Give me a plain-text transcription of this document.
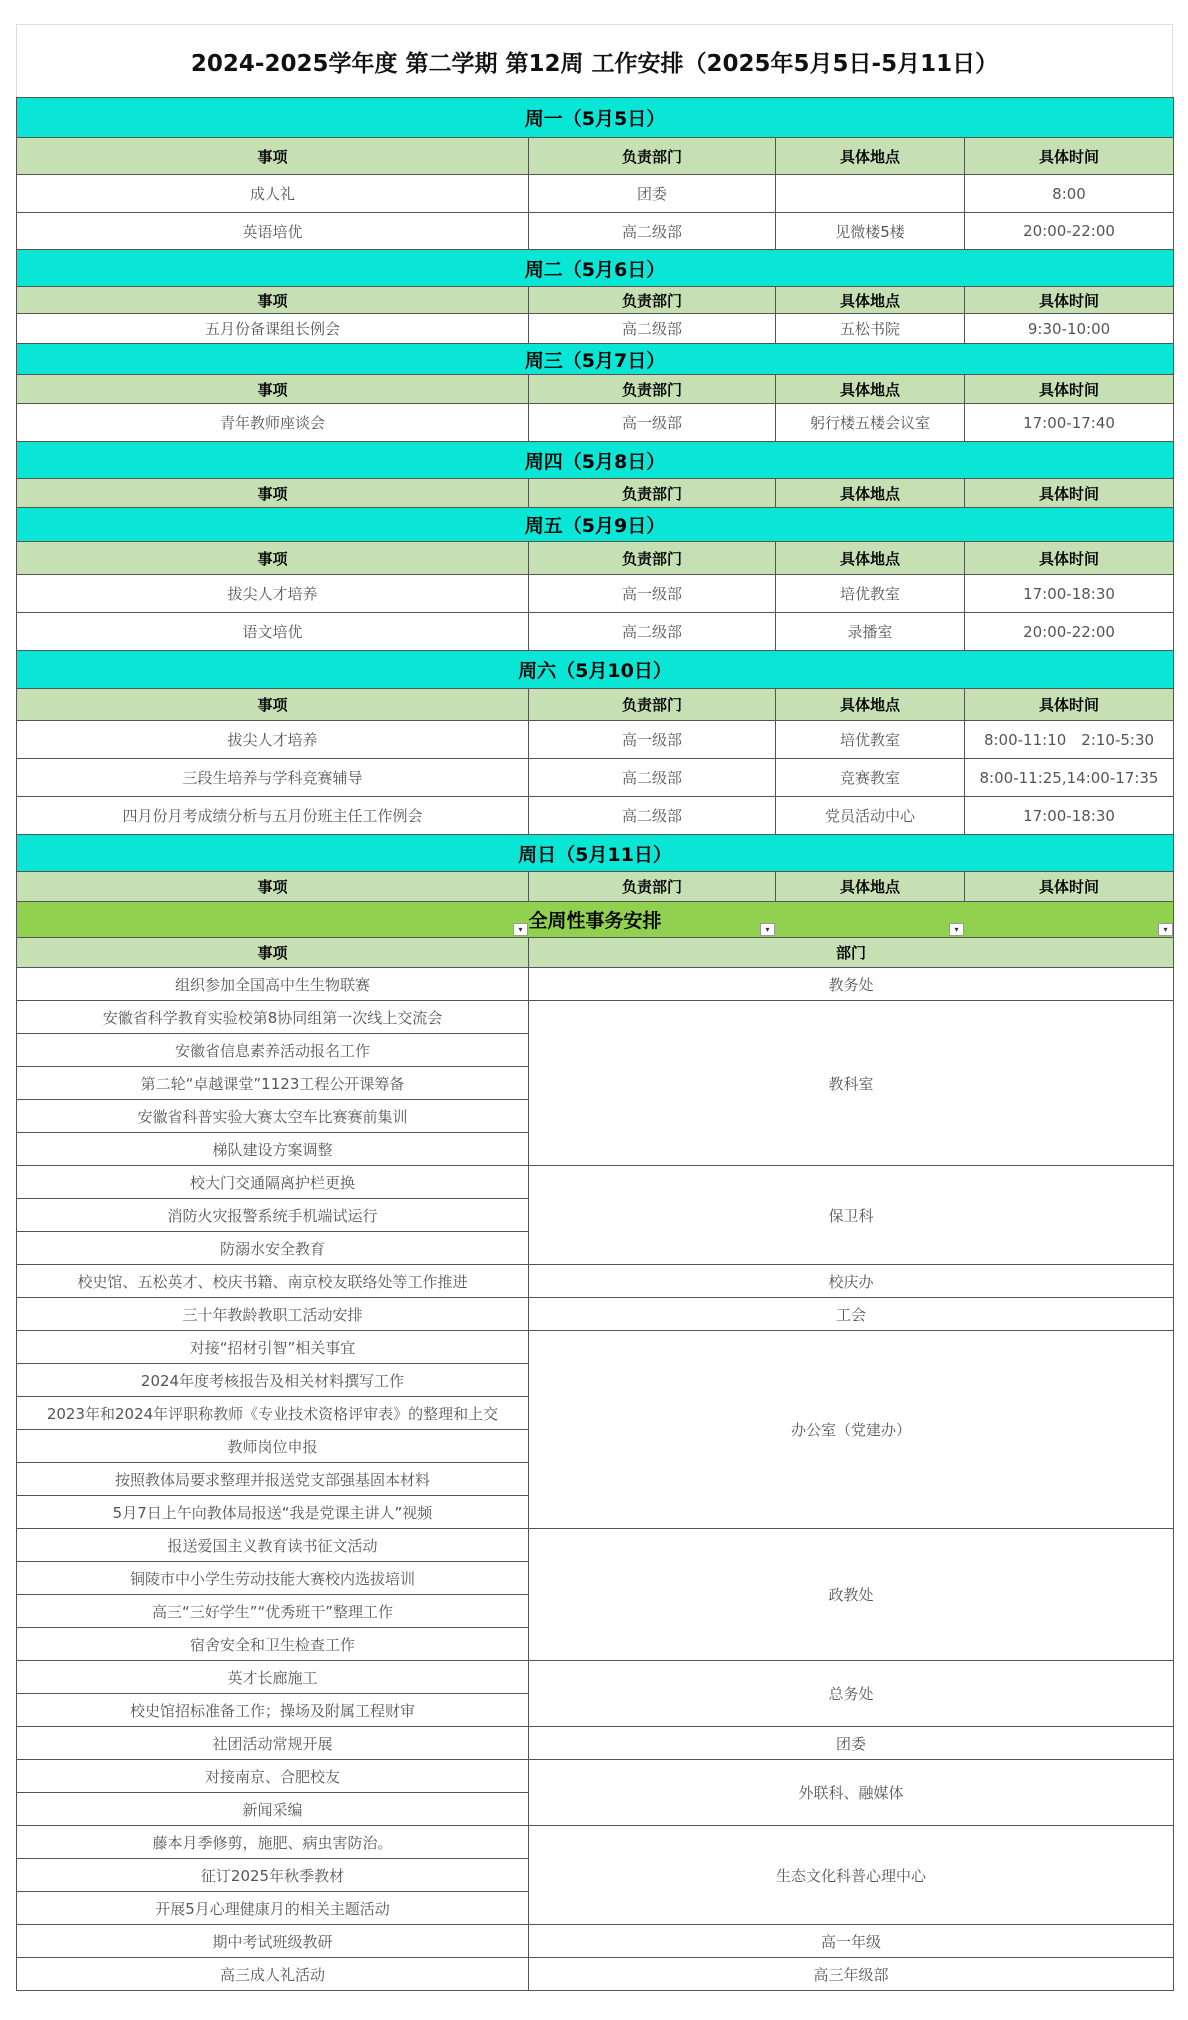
2024-2025学年度 第二学期 第12周 工作安排（2025年5月5日-5月11日）
周一（5月5日）			
事项	负责部门	具体地点	具体时间
成人礼	团委		8:00
英语培优	高二级部	见微楼5楼	20:00-22:00
周二（5月6日）			
事项	负责部门	具体地点	具体时间
五月份备课组长例会	高二级部	五松书院	9:30-10:00
周三（5月7日）			
事项	负责部门	具体地点	具体时间
青年教师座谈会	高一级部	躬行楼五楼会议室	17:00-17:40
周四（5月8日）			
事项	负责部门	具体地点	具体时间
周五（5月9日）			
事项	负责部门	具体地点	具体时间
拔尖人才培养	高一级部	培优教室	17:00-18:30
语文培优	高二级部	录播室	20:00-22:00
周六（5月10日）			
事项	负责部门	具体地点	具体时间
拔尖人才培养	高一级部	培优教室	8:00-11:10　2:10-5:30
三段生培养与学科竞赛辅导	高二级部	竞赛教室	8:00-11:25,14:00-17:35
四月份月考成绩分析与五月份班主任工作例会	高二级部	党员活动中心	17:00-18:30
周日（5月11日）			
事项	负责部门	具体地点	具体时间
全周性事务安排
▾ ▾ ▾ ▾			

事项	部门		
组织参加全国高中生生物联赛	教务处		
安徽省科学教育实验校第8协同组第一次线上交流会	教科室		
安徽省信息素养活动报名工作			
第二轮“卓越课堂”1123工程公开课筹备			
安徽省科普实验大赛太空车比赛赛前集训			
梯队建设方案调整			
校大门交通隔离护栏更换	保卫科		
消防火灾报警系统手机端试运行			
防溺水安全教育			
校史馆、五松英才、校庆书籍、南京校友联络处等工作推进	校庆办		
三十年教龄教职工活动安排	工会		
对接“招材引智”相关事宜	办公室（党建办）		
2024年度考核报告及相关材料撰写工作			
2023年和2024年评职称教师《专业技术资格评审表》的整理和上交			
教师岗位申报			
按照教体局要求整理并报送党支部强基固本材料			
5月7日上午向教体局报送“我是党课主讲人”视频			
报送爱国主义教育读书征文活动	政教处		
铜陵市中小学生劳动技能大赛校内选拔培训			
高三“三好学生”“优秀班干”整理工作			
宿舍安全和卫生检查工作			
英才长廊施工	总务处		
校史馆招标准备工作；操场及附属工程财审			
社团活动常规开展	团委		
对接南京、合肥校友	外联科、融媒体		
新闻采编			
藤本月季修剪，施肥、病虫害防治。	生态文化科普心理中心		
征订2025年秋季教材			
开展5月心理健康月的相关主题活动			
期中考试班级教研	高一年级		
高三成人礼活动	高三年级部		
